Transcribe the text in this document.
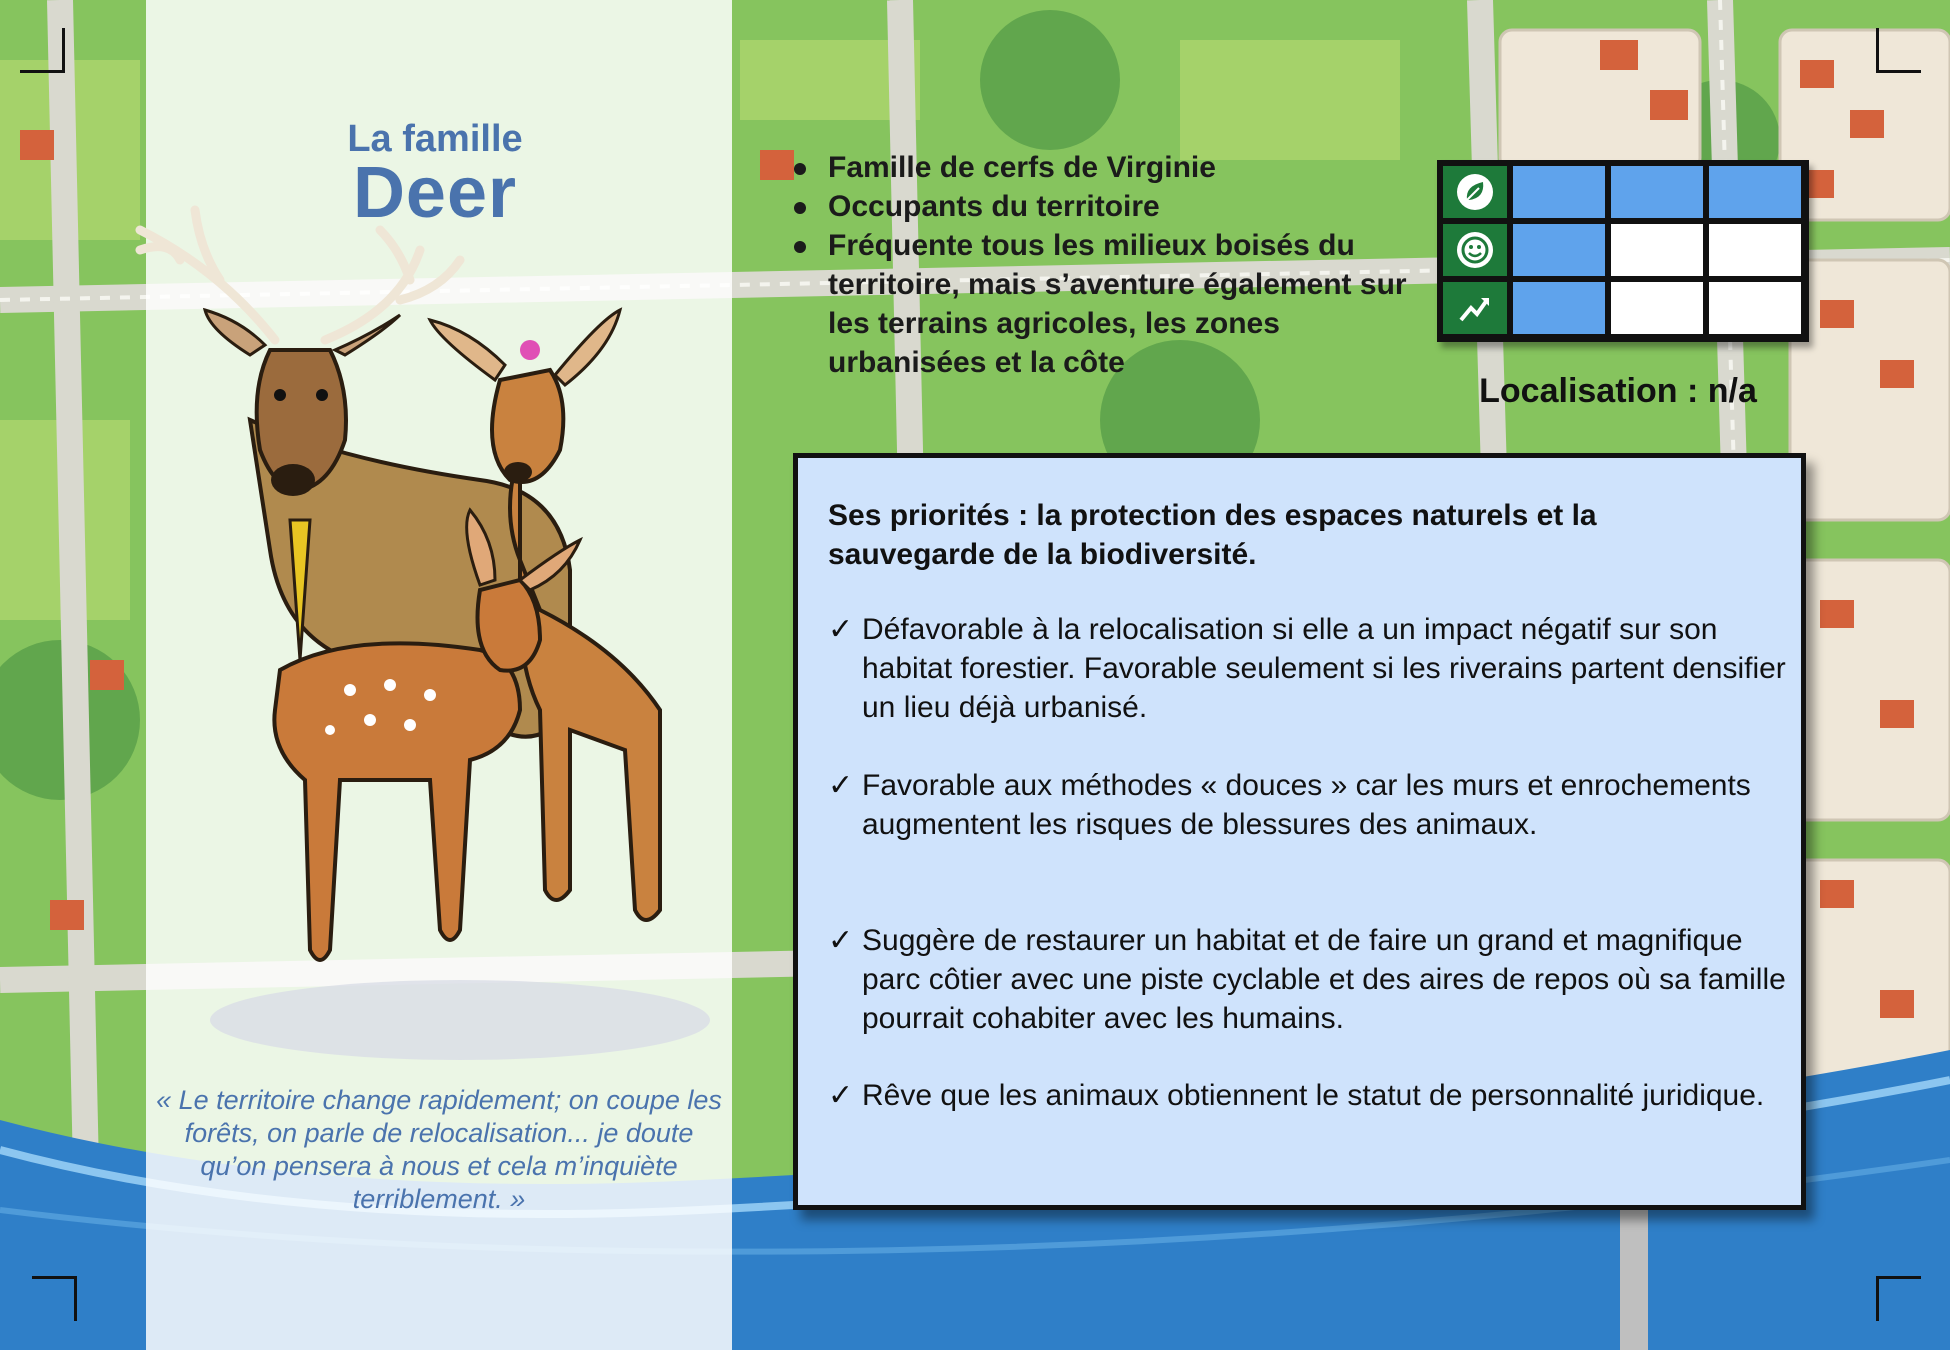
La famille
Deer
« Le territoire change rapidement; on coupe les forêts, on parle de relocalisation... je doute qu’on pensera à nous et cela m’inquiète terriblement. »
Famille de cerfs de Virginie
Occupants du territoire
Fréquente tous les milieux boisés du territoire, mais s’aventure également sur les terrains agricoles, les zones urbanisées et la côte
Localisation : n/a
Ses priorités : la protection des espaces naturels et la sauvegarde de la biodiversité.
✓ Défavorable à la relocalisation si elle a un impact négatif sur son habitat forestier. Favorable seulement si les riverains partent densifier un lieu déjà urbanisé.
✓ Favorable aux méthodes « douces » car les murs et enrochements augmentent les risques de blessures des animaux.
✓ Suggère de restaurer un habitat et de faire un grand et magnifique parc côtier avec une piste cyclable et des aires de repos où sa famille pourrait cohabiter avec les humains.
✓ Rêve que les animaux obtiennent le statut de personnalité juridique.
